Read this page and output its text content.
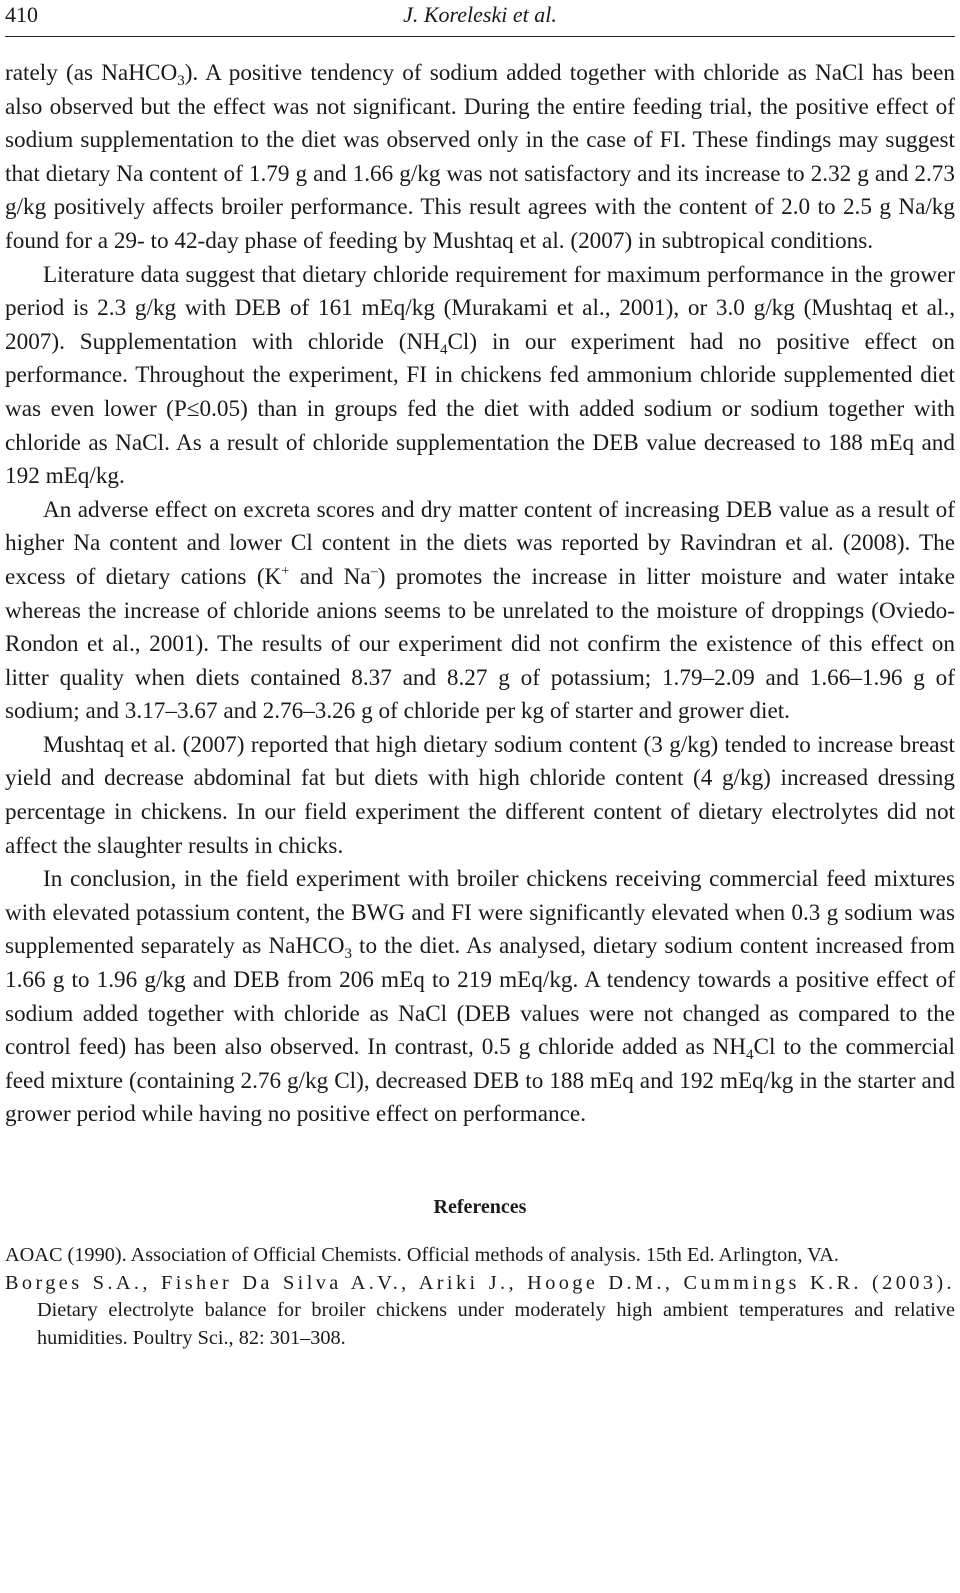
410	J. Koreleski et al.

rately (as NaHCO$_3$). A positive tendency of sodium added together with chloride as NaCl has been also observed but the effect was not significant. During the entire feeding trial, the positive effect of sodium supplementation to the diet was observed only in the case of FI. These findings may suggest that dietary Na content of 1.79 g and 1.66 g/kg was not satisfactory and its increase to 2.32 g and 2.73 g/kg positively affects broiler performance. This result agrees with the content of 2.0 to 2.5 g Na/kg found for a 29- to 42-day phase of feeding by Mushtaq et al. (2007) in subtropical conditions.

Literature data suggest that dietary chloride requirement for maximum performance in the grower period is 2.3 g/kg with DEB of 161 mEq/kg (Murakami et al., 2001), or 3.0 g/kg (Mushtaq et al., 2007). Supplementation with chloride $(NH_4Cl)$ in our experiment had no positive effect on performance. Throughout the experiment, FI in chickens fed ammonium chloride supplemented diet was even lower (P≤0.05) than in groups fed the diet with added sodium or sodium together with chloride as NaCl. As a result of chloride supplementation the DEB value decreased to 188 mEq and 192 mEq/kg.

An adverse effect on excreta scores and dry matter content of increasing DEB value as a result of higher Na content and lower Cl content in the diets was reported by Ravindran et al. (2008). The excess of dietary cations (K+ and Na–) promotes the increase in litter moisture and water intake whereas the increase of chloride anions seems to be unrelated to the moisture of droppings (Oviedo-Rondon et al., 2001). The results of our experiment did not confirm the existence of this effect on litter quality when diets contained 8.37 and 8.27 g of potassium; 1.79–2.09 and 1.66–1.96 g of sodium; and 3.17–3.67 and 2.76–3.26 g of chloride per kg of starter and grower diet.

Mushtaq et al. (2007) reported that high dietary sodium content (3 g/kg) tended to increase breast yield and decrease abdominal fat but diets with high chloride content (4 g/kg) increased dressing percentage in chickens. In our field experiment the different content of dietary electrolytes did not affect the slaughter results in chicks.

In conclusion, in the field experiment with broiler chickens receiving commercial feed mixtures with elevated potassium content, the BWG and FI were significantly elevated when 0.3 g sodium was supplemented separately as NaHCO$_3$ to the diet. As analysed, dietary sodium content increased from 1.66 g to 1.96 g/kg and DEB from 206 mEq to 219 mEq/kg. A tendency towards a positive effect of sodium added together with chloride as NaCl (DEB values were not changed as compared to the control feed) has been also observed. In contrast, 0.5 g chloride added as $NH_4Cl$ to the commercial feed mixture (containing 2.76 g/kg Cl), decreased DEB to 188 mEq and 192 mEq/kg in the starter and grower period while having no positive effect on performance.

References

AOAC (1990). Association of Official Chemists. Official methods of analysis. 15th Ed. Arlington, VA.

Borges S.A., Fisher Da Silva A.V., Ariki J., Hooge D.M., Cummings K.R. (2003). Dietary electrolyte balance for broiler chickens under moderately high ambient temperatures and relative humidities. Poultry Sci., 82: 301–308.
